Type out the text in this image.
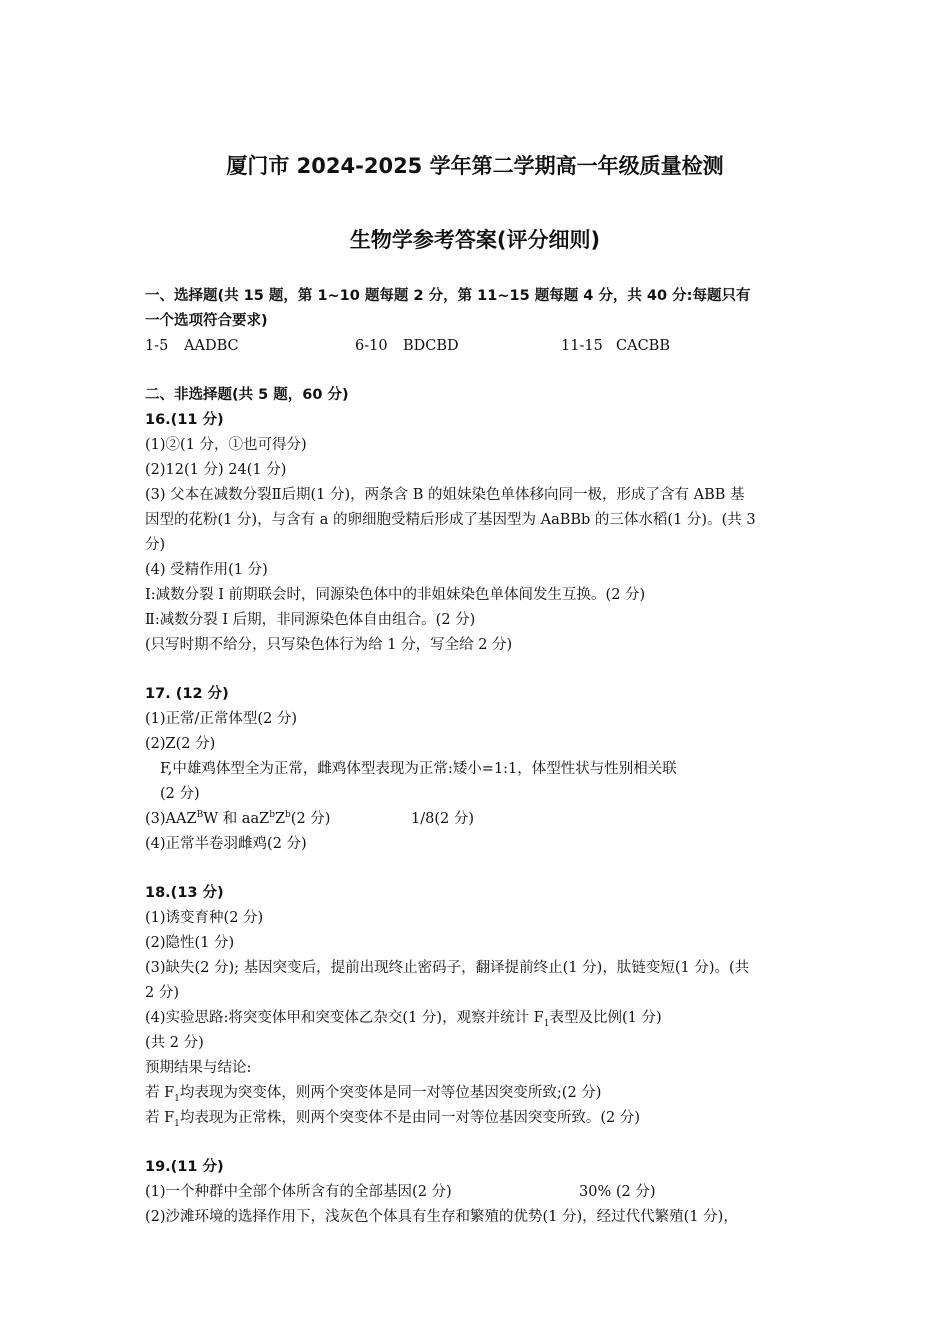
厦门市 2024-2025 学年第二学期高一年级质量检测
生物学参考答案(评分细则)
一、选择题(共 15 题，第 1~10 题每题 2 分，第 11~15 题每题 4 分，共 40 分:每题只有
一个选项符合要求)
1-5 AADBC	6-10 BDCBD	11-15 CACBB
二、非选择题(共 5 题，60 分)
16.(11 分)
(1)②(1 分，①也可得分)
(2)12(1 分) 24(1 分)
(3) 父本在减数分裂Ⅱ后期(1 分)，两条含 B 的姐妹染色单体移向同一极，形成了含有 ABB 基
因型的花粉(1 分)，与含有 a 的卵细胞受精后形成了基因型为 AaBBb 的三体水稻(1 分)。(共 3
分)
(4) 受精作用(1 分)
Ⅰ:减数分裂 I 前期联会时，同源染色体中的非姐妹染色单体间发生互换。(2 分)
Ⅱ:减数分裂 I 后期，非同源染色体自由组合。(2 分)
(只写时期不给分，只写染色体行为给 1 分，写全给 2 分)
17. (12 分)
(1)正常/正常体型(2 分)
(2)Z(2 分)
F,中雄鸡体型全为正常，雌鸡体型表现为正常:矮小=1:1，体型性状与性别相关联
(2 分)
$(3)AAZ^BW$ 和 $aaZ^bZ^b(2$ 分)	1/8(2 分)
(4)正常半卷羽雌鸡(2 分)
18.(13 分)
(1)诱变育种(2 分)
(2)隐性(1 分)
(3)缺失(2 分); 基因突变后，提前出现终止密码子，翻译提前终止(1 分)，肽链变短(1 分)。(共
2 分)
(4)实验思路:将突变体甲和突变体乙杂交(1 分)，观察并统计 $F_1$表型及比例(1 分)
(共 2 分)
预期结果与结论:
若 $F_1$均表现为突变体，则两个突变体是同一对等位基因突变所致;(2 分)
若 $F_1$均表现为正常株，则两个突变体不是由同一对等位基因突变所致。(2 分)
19.(11 分)
(1)一个种群中全部个体所含有的全部基因(2 分)	30% (2 分)
(2)沙滩环境的选择作用下，浅灰色个体具有生存和繁殖的优势(1 分)，经过代代繁殖(1 分)，
